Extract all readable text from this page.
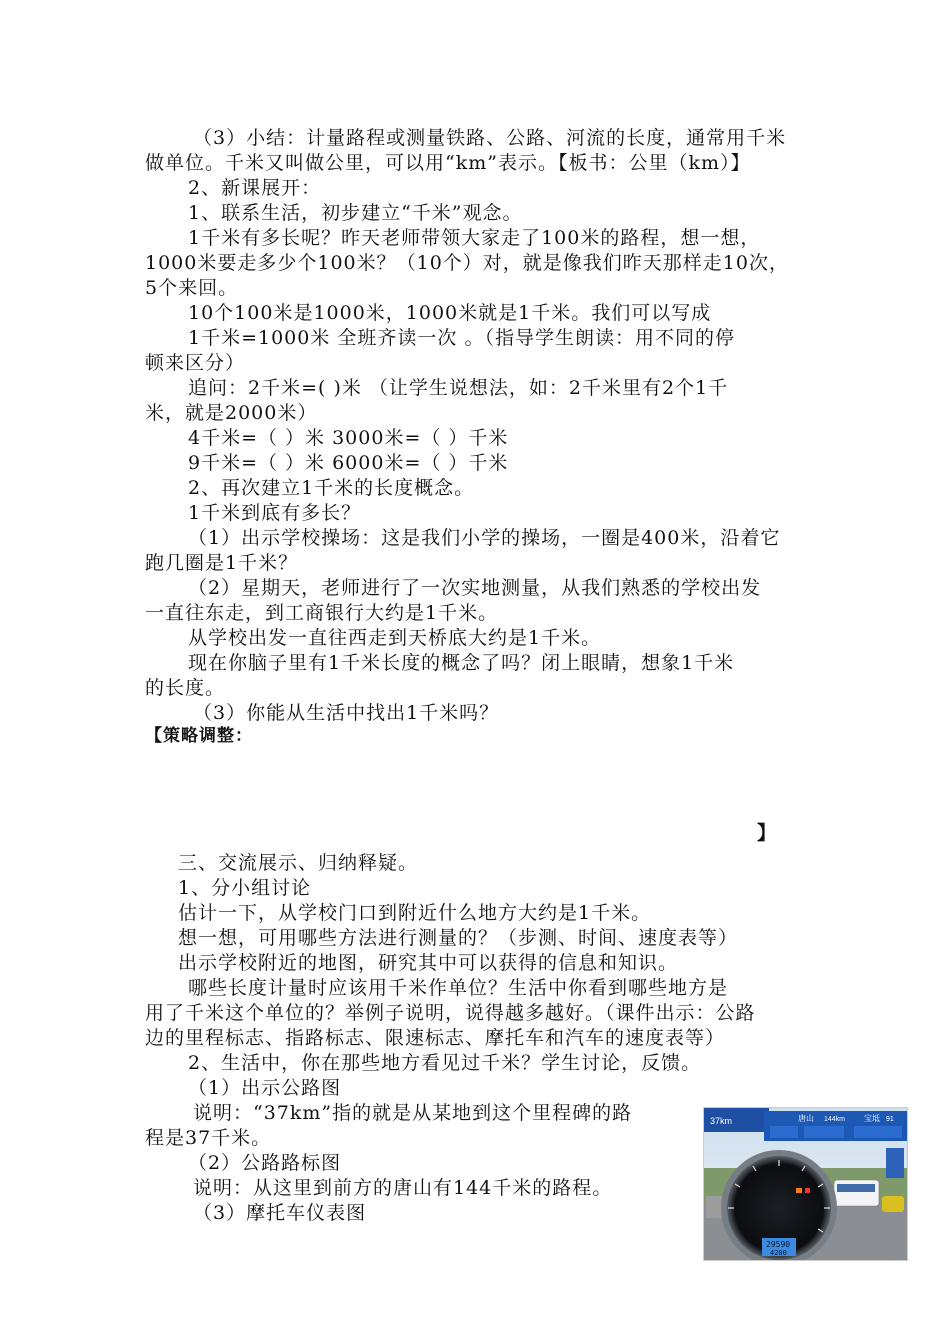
（3）小结：计量路程或测量铁路、公路、河流的长度，通常用千米
做单位。千米又叫做公里，可以用“km”表示。【板书：公里（km）】
2、新课展开：
1、联系生活，初步建立“千米”观念。
1千米有多长呢？昨天老师带领大家走了100米的路程，想一想，
1000米要走多少个100米？（10个）对，就是像我们昨天那样走10次，
5个来回。
10个100米是1000米，1000米就是1千米。我们可以写成
1千米=1000米 全班齐读一次 。（指导学生朗读：用不同的停
顿来区分）
追问：2千米=( )米 （让学生说想法，如：2千米里有2个1千
米，就是2000米）
4千米=（ ）米 3000米=（ ）千米
9千米=（ ）米 6000米=（ ）千米
2、再次建立1千米的长度概念。
1千米到底有多长？
（1）出示学校操场：这是我们小学的操场，一圈是400米，沿着它
跑几圈是1千米？
（2）星期天，老师进行了一次实地测量，从我们熟悉的学校出发
一直往东走，到工商银行大约是1千米。
从学校出发一直往西走到天桥底大约是1千米。
现在你脑子里有1千米长度的概念了吗？闭上眼睛，想象1千米
的长度。
（3）你能从生活中找出1千米吗？
【策略调整：
】
三、交流展示、归纳释疑。
1、分小组讨论
估计一下，从学校门口到附近什么地方大约是1千米。
想一想，可用哪些方法进行测量的？（步测、时间、速度表等）
出示学校附近的地图，研究其中可以获得的信息和知识。
哪些长度计量时应该用千米作单位？生活中你看到哪些地方是
用了千米这个单位的？举例子说明，说得越多越好。（课件出示：公路
边的里程标志、指路标志、限速标志、摩托车和汽车的速度表等）
2、生活中，你在那些地方看见过千米？学生讨论，反馈。
（1）出示公路图
说明：“37km”指的就是从某地到这个里程碑的路
程是37千米。
（2）公路路标图
说明：从这里到前方的唐山有144千米的路程。
（3）摩托车仪表图
37km	唐山 144km 宝坻 91
29590
4200
